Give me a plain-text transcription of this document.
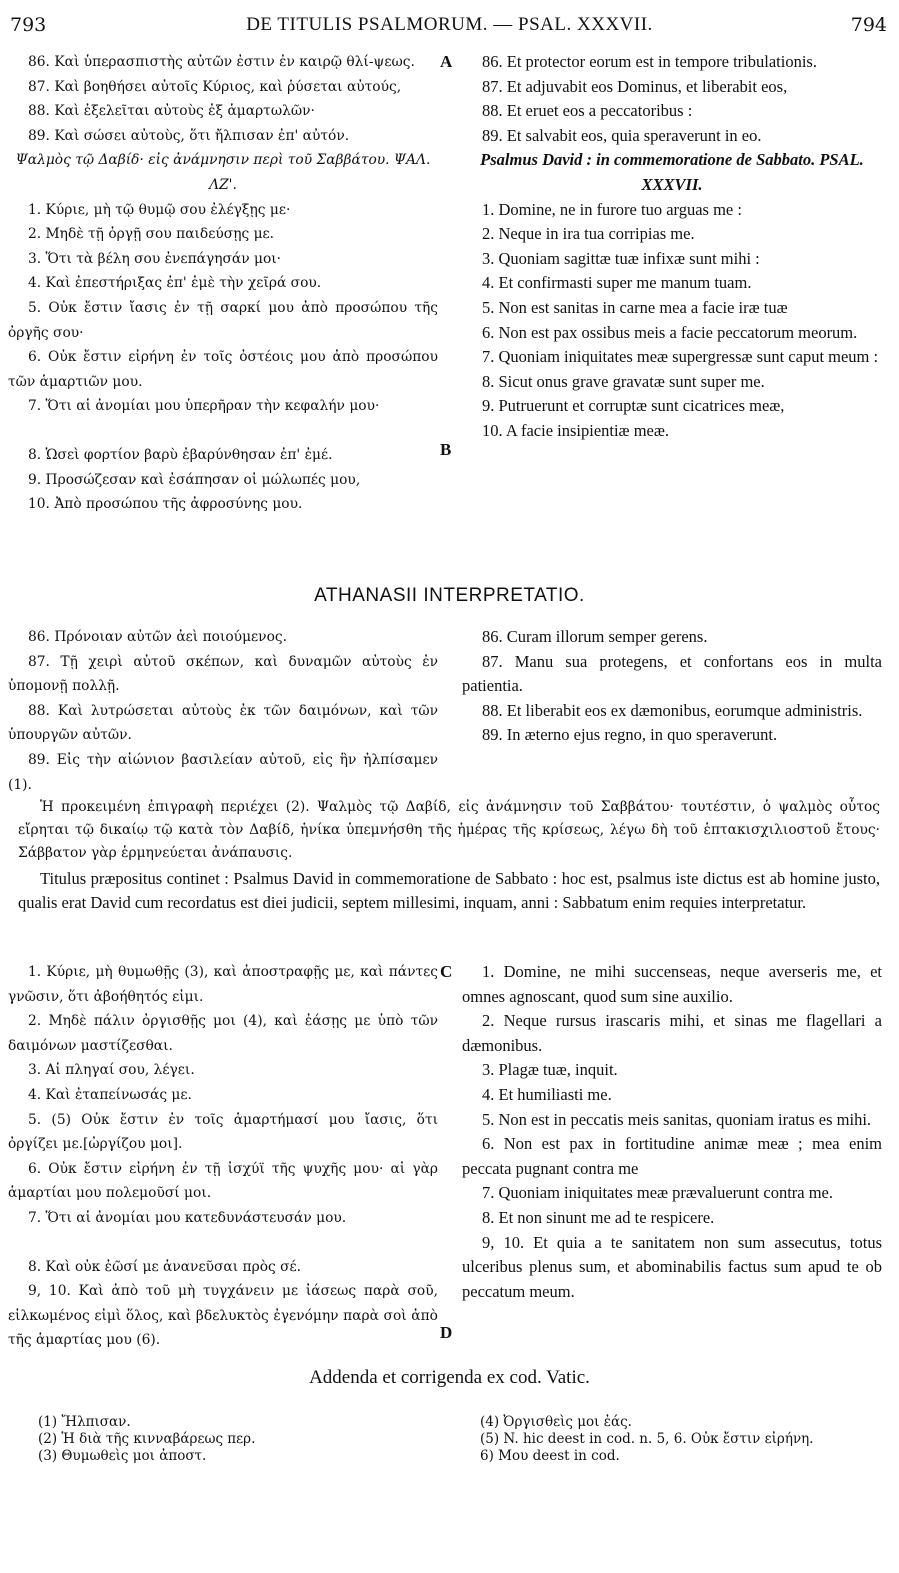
793	DE TITULIS PSALMORUM. — PSAL. XXXVII.	794

86. Καὶ ὑπερασπιστὴς αὐτῶν ἐστιν ἐν καιρῷ θλί-ψεως.

87. Καὶ βοηθήσει αὐτοῖς Κύριος, καὶ ῥύσεται αὐτούς,

88. Καὶ ἐξελεῖται αὐτοὺς ἐξ ἁμαρτωλῶν·

89. Καὶ σώσει αὐτοὺς, ὅτι ἤλπισαν ἐπ' αὐτόν.

Ψαλμὸς τῷ Δαβίδ· εἰς ἀνάμνησιν περὶ τοῦ Σαββάτου. ΨΑΛ. ΛΖ'.

1. Κύριε, μὴ τῷ θυμῷ σου ἐλέγξῃς με·

2. Μηδὲ τῇ ὀργῇ σου παιδεύσῃς με.

3. Ὅτι τὰ βέλη σου ἐνεπάγησάν μοι·

4. Καὶ ἐπεστήριξας ἐπ' ἐμὲ τὴν χεῖρά σου.

5. Οὐκ ἔστιν ἴασις ἐν τῇ σαρκί μου ἀπὸ προσώπου τῆς ὀργῆς σου·

6. Οὐκ ἔστιν εἰρήνη ἐν τοῖς ὀστέοις μου ἀπὸ προσώπου τῶν ἁμαρτιῶν μου.

7. Ὅτι αἱ ἀνομίαι μου ὑπερῆραν τὴν κεφαλήν μου·

8. Ὡσεὶ φορτίον βαρὺ ἐβαρύνθησαν ἐπ' ἐμέ.

9. Προσώζεσαν καὶ ἐσάπησαν οἱ μώλωπές μου,

10. Ἀπὸ προσώπου τῆς ἀφροσύνης μου.

86. Et protector eorum est in tempore tribulationis.

87. Et adjuvabit eos Dominus, et liberabit eos,

88. Et eruet eos a peccatoribus :

89. Et salvabit eos, quia speraverunt in eo.

Psalmus David : in commemoratione de Sabbato. PSAL. XXXVII.

1. Domine, ne in furore tuo arguas me :

2. Neque in ira tua corripias me.

3. Quoniam sagittæ tuæ infixæ sunt mihi :

4. Et confirmasti super me manum tuam.

5. Non est sanitas in carne mea a facie iræ tuæ

6. Non est pax ossibus meis a facie peccatorum meorum.

7. Quoniam iniquitates meæ supergressæ sunt caput meum :

8. Sicut onus grave gravatæ sunt super me.

9. Putruerunt et corruptæ sunt cicatrices meæ,

10. A facie insipientiæ meæ.

A
B
ATHANASII INTERPRETATIO.

86. Πρόνοιαν αὐτῶν ἀεὶ ποιούμενος.

87. Τῇ χειρὶ αὐτοῦ σκέπων, καὶ δυναμῶν αὐτοὺς ἐν ὑπομονῇ πολλῇ.

88. Καὶ λυτρώσεται αὐτοὺς ἐκ τῶν δαιμόνων, καὶ τῶν ὑπουργῶν αὐτῶν.

89. Εἰς τὴν αἰώνιον βασιλείαν αὐτοῦ, εἰς ἣν ἠλπίσαμεν (1).

86. Curam illorum semper gerens.

87. Manu sua protegens, et confortans eos in multa patientia.

88. Et liberabit eos ex dæmonibus, eorumque administris.

89. In æterno ejus regno, in quo speraverunt.

Ἡ προκειμένη ἐπιγραφὴ περιέχει (2). Ψαλμὸς τῷ Δαβίδ, εἰς ἀνάμνησιν τοῦ Σαββάτου· τουτέστιν, ὁ ψαλμὸς οὗτος εἴρηται τῷ δικαίῳ τῷ κατὰ τὸν Δαβίδ, ἡνίκα ὑπεμνήσθη τῆς ἡμέρας τῆς κρίσεως, λέγω δὴ τοῦ ἑπτακισχιλιοστοῦ ἔτους· Σάββατον γὰρ ἑρμηνεύεται ἀνάπαυσις.

Titulus præpositus continet : Psalmus David in commemoratione de Sabbato : hoc est, psalmus iste dictus est ab homine justo, qualis erat David cum recordatus est diei judicii, septem millesimi, inquam, anni : Sabbatum enim requies interpretatur.

1. Κύριε, μὴ θυμωθῇς (3), καὶ ἀποστραφῇς με, καὶ πάντες γνῶσιν, ὅτι ἀβοήθητός εἰμι.

2. Μηδὲ πάλιν ὀργισθῇς μοι (4), καὶ ἐάσῃς με ὑπὸ τῶν δαιμόνων μαστίζεσθαι.

3. Αἱ πληγαί σου, λέγει.

4. Καὶ ἐταπείνωσάς με.

5. (5) Οὐκ ἔστιν ἐν τοῖς ἁμαρτήμασί μου ἴασις, ὅτι ὀργίζει με.[ὠργίζου μοι].

6. Οὐκ ἔστιν εἰρήνη ἐν τῇ ἰσχύϊ τῆς ψυχῆς μου· αἱ γὰρ ἁμαρτίαι μου πολεμοῦσί μοι.

7. Ὅτι αἱ ἀνομίαι μου κατεδυνάστευσάν μου.

8. Καὶ οὐκ ἐῶσί με ἀνανεῦσαι πρὸς σέ.

9, 10. Καὶ ἀπὸ τοῦ μὴ τυγχάνειν με ἰάσεως παρὰ σοῦ, εἱλκωμένος εἰμὶ ὅλος, καὶ βδελυκτὸς ἐγενόμην παρὰ σοὶ ἀπὸ τῆς ἁμαρτίας μου (6).

1. Domine, ne mihi succenseas, neque averseris me, et omnes agnoscant, quod sum sine auxilio.

2. Neque rursus irascaris mihi, et sinas me flagellari a dæmonibus.

3. Plagæ tuæ, inquit.

4. Et humiliasti me.

5. Non est in peccatis meis sanitas, quoniam iratus es mihi.

6. Non est pax in fortitudine animæ meæ ; mea enim peccata pugnant contra me

7. Quoniam iniquitates meæ prævaluerunt contra me.

8. Et non sinunt me ad te respicere.

9, 10. Et quia a te sanitatem non sum assecutus, totus ulceribus plenus sum, et abominabilis factus sum apud te ob peccatum meum.

C
D
Addenda et corrigenda ex cod. Vatic.
(1) Ἤλπισαν.
(2) Ἡ διὰ τῆς κινναβάρεως περ.
(3) Θυμωθεὶς μοι ἀποστ.
(4) Ὀργισθεὶς μοι ἐάς.
(5) N. hic deest in cod. n. 5, 6. Οὐκ ἔστιν εἰρήνη.
6) Μου deest in cod.
